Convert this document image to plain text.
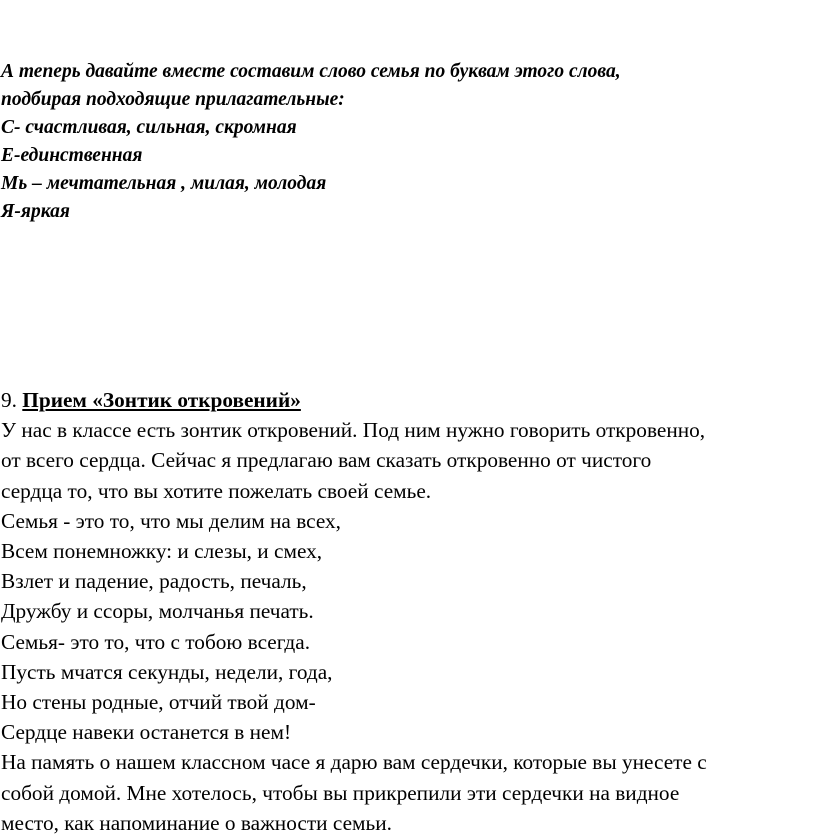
А теперь давайте вместе составим слово семья по буквам этого слова,
подбирая подходящие прилагательные:
С- счастливая, сильная, скромная
Е-единственная
Мь – мечтательная , милая, молодая
Я-яркая
9. Прием «Зонтик откровений»
У нас в классе есть зонтик откровений. Под ним нужно говорить откровенно,
от всего сердца. Сейчас я предлагаю вам сказать откровенно от чистого
сердца то, что вы хотите пожелать своей семье.
Семья - это то, что мы делим на всех,
Всем понемножку: и слезы, и смех,
Взлет и падение, радость, печаль,
Дружбу и ссоры, молчанья печать.
Семья- это то, что с тобою всегда.
Пусть мчатся секунды, недели, года,
Но стены родные, отчий твой дом-
Сердце навеки останется в нем!
На память о нашем классном часе я дарю вам сердечки, которые вы унесете с
собой домой. Мне хотелось, чтобы вы прикрепили эти сердечки на видное
место, как напоминание о важности семьи.
